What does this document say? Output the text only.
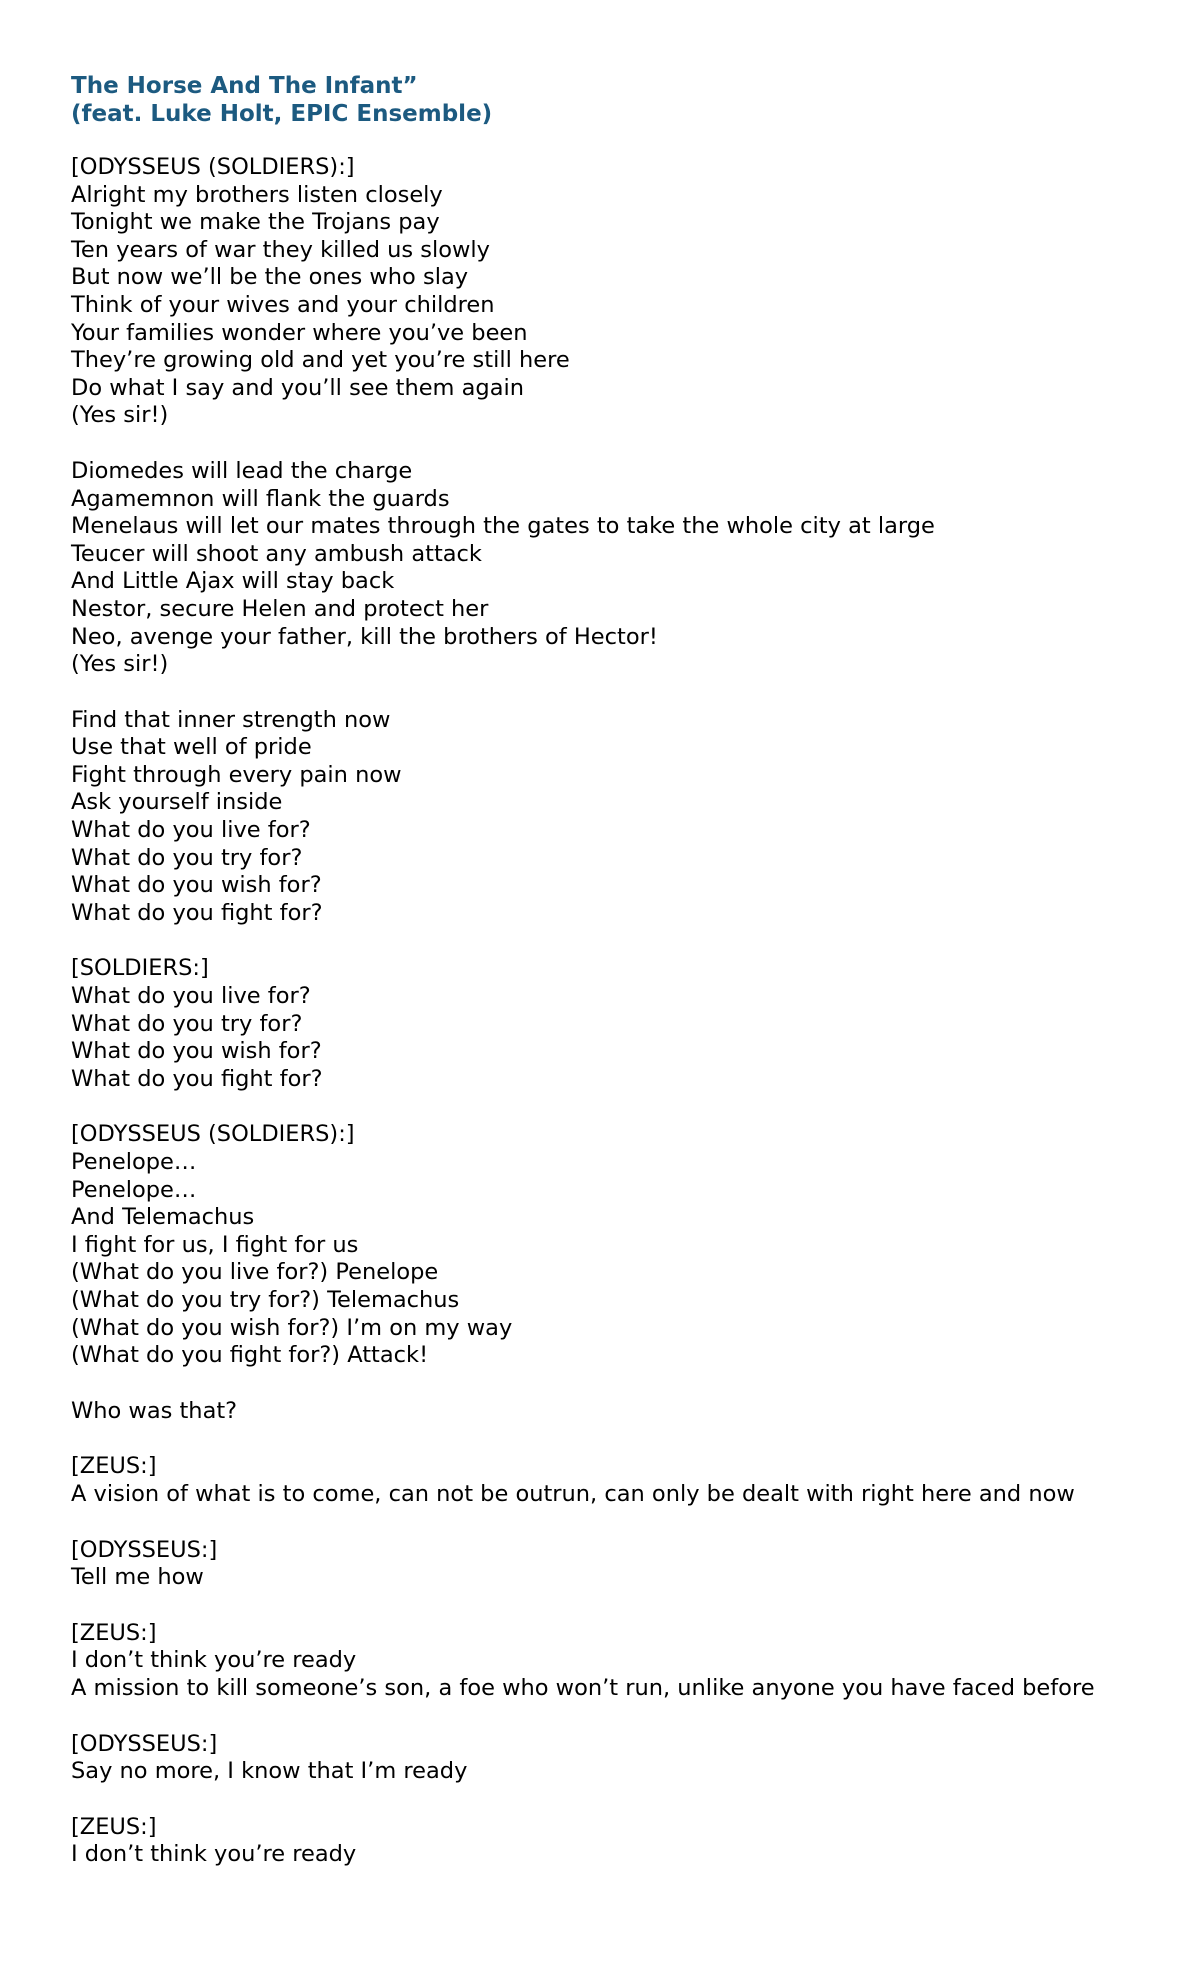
The Horse And The Infant”
(feat. Luke Holt, EPIC Ensemble)
[ODYSSEUS (SOLDIERS):]
Alright my brothers listen closely
Tonight we make the Trojans pay
Ten years of war they killed us slowly
But now we’ll be the ones who slay
Think of your wives and your children
Your families wonder where you’ve been
They’re growing old and yet you’re still here
Do what I say and you’ll see them again
(Yes sir!)
Diomedes will lead the charge
Agamemnon will flank the guards
Menelaus will let our mates through the gates to take the whole city at large
Teucer will shoot any ambush attack
And Little Ajax will stay back
Nestor, secure Helen and protect her
Neo, avenge your father, kill the brothers of Hector!
(Yes sir!)
Find that inner strength now
Use that well of pride
Fight through every pain now
Ask yourself inside
What do you live for?
What do you try for?
What do you wish for?
What do you fight for?
[SOLDIERS:]
What do you live for?
What do you try for?
What do you wish for?
What do you fight for?
[ODYSSEUS (SOLDIERS):]
Penelope…
Penelope…
And Telemachus
I fight for us, I fight for us
(What do you live for?) Penelope
(What do you try for?) Telemachus
(What do you wish for?) I’m on my way
(What do you fight for?) Attack!
Who was that?
[ZEUS:]
A vision of what is to come, can not be outrun, can only be dealt with right here and now
[ODYSSEUS:]
Tell me how
[ZEUS:]
I don’t think you’re ready
A mission to kill someone’s son, a foe who won’t run, unlike anyone you have faced before
[ODYSSEUS:]
Say no more, I know that I’m ready
[ZEUS:]
I don’t think you’re ready
